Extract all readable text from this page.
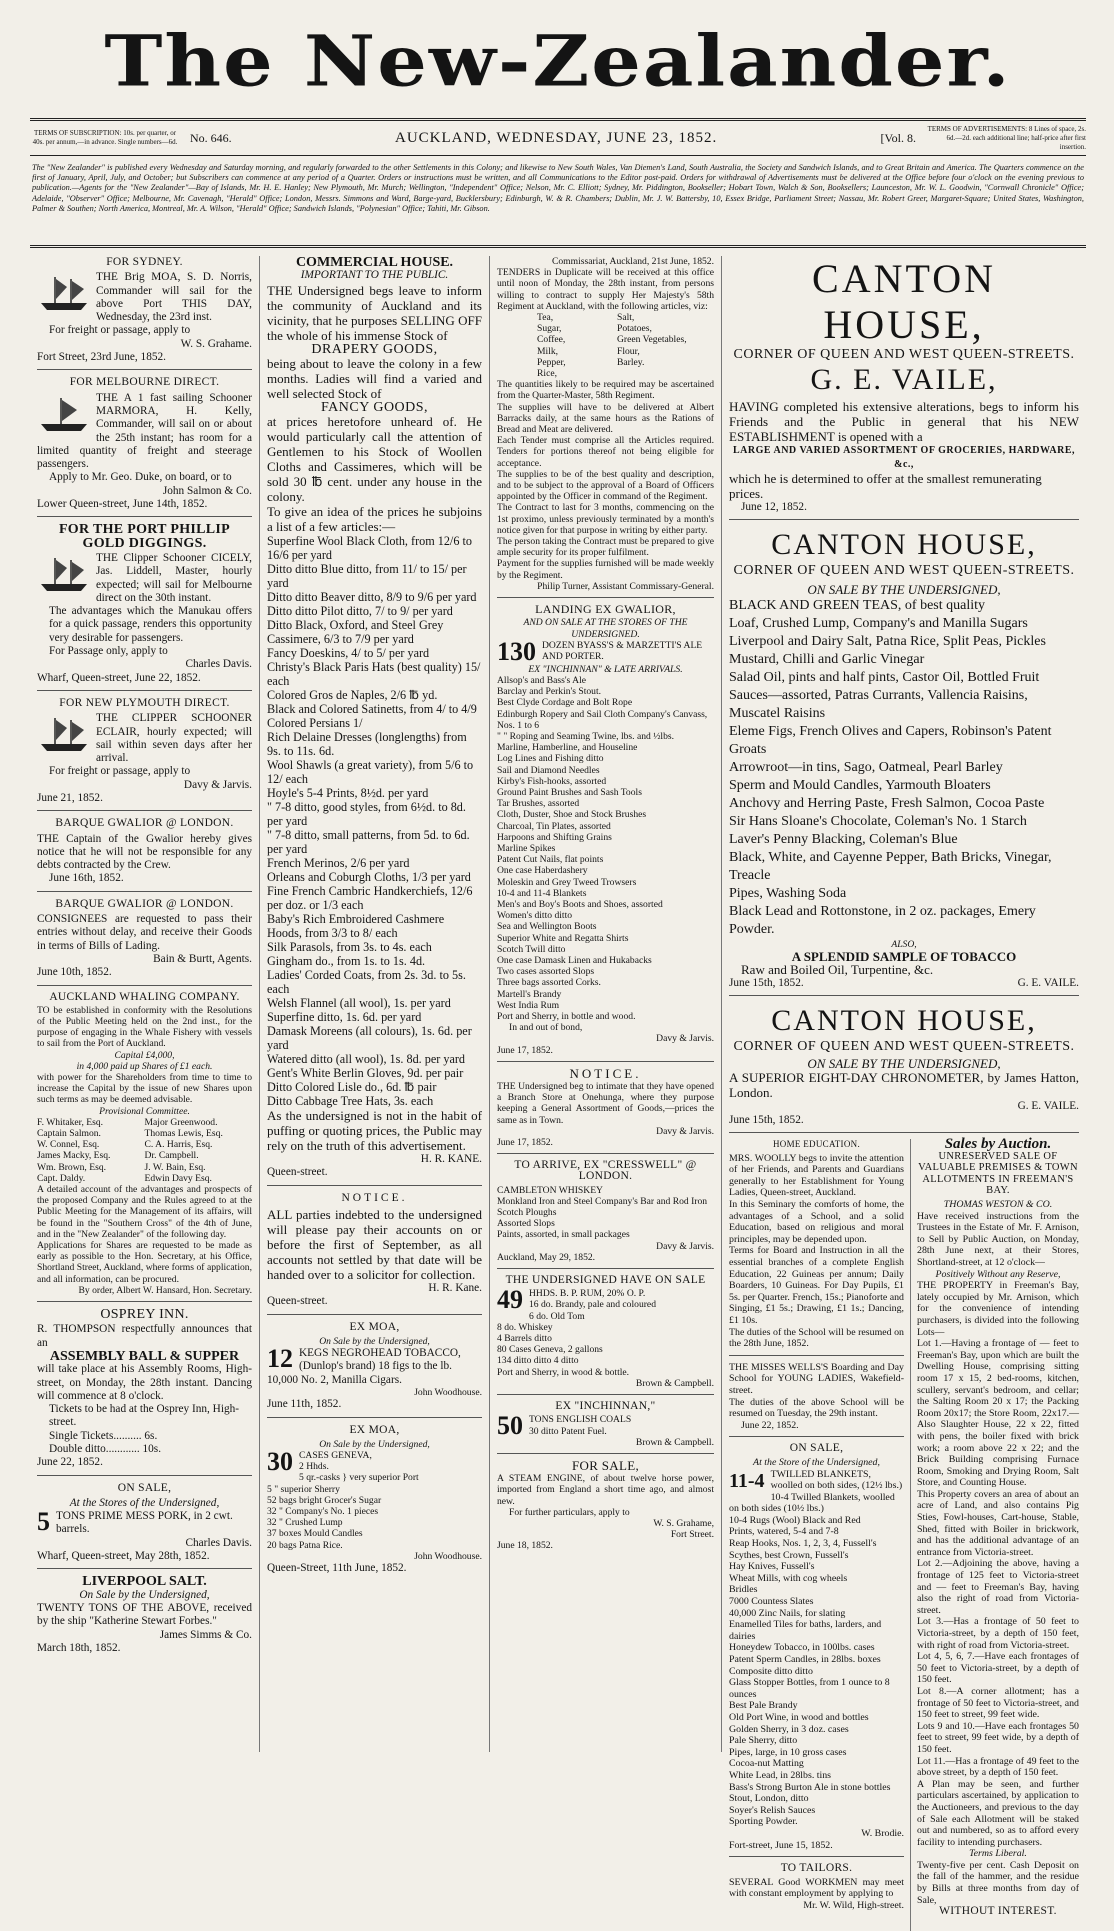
The New-Zealander.
TERMS OF SUBSCRIPTION: 10s. per quarter, or 40s. per annum,—in advance. Single numbers—6d. No. 646.	AUCKLAND, WEDNESDAY, JUNE 23, 1852.	[Vol. 8.
TERMS OF ADVERTISEMENTS: 8 Lines of space, 2s. 6d.—2d. each additional line; half-price after first insertion.
The "New Zealander" is published every Wednesday and Saturday morning, and regularly forwarded to the other Settlements in this Colony; and likewise to New South Wales, Van Diemen's Land, South Australia, the Society and Sandwich Islands, and to Great Britain and America. The Quarters commence on the first of January, April, July, and October; but Subscribers can commence at any period of a Quarter. Orders or instructions must be written, and all Communications to the Editor post-paid. Orders for withdrawal of Advertisements must be delivered at the Office before four o'clock on the evening previous to publication.—Agents for the "New Zealander"—Bay of Islands, Mr. H. E. Hanley; New Plymouth, Mr. Murch; Wellington, "Independent" Office; Nelson, Mr. C. Elliott; Sydney, Mr. Piddington, Bookseller; Hobart Town, Walch & Son, Booksellers; Launceston, Mr. W. L. Goodwin, "Cornwall Chronicle" Office; Adelaide, "Observer" Office; Melbourne, Mr. Cavenagh, "Herald" Office; London, Messrs. Simmons and Ward, Barge-yard, Bucklersbury; Edinburgh, W. & R. Chambers; Dublin, Mr. J. W. Battersby, 10, Essex Bridge, Parliament Street; Nassau, Mr. Robert Greer, Margaret-Square; United States, Washington, Palmer & Southen; North America, Montreal, Mr. A. Wilson, "Herald" Office; Sandwich Islands, "Polynesian" Office; Tahiti, Mr. Gibson.
FOR SYDNEY.
THE Brig MOA, S. D. Norris, Commander will sail for the above Port THIS DAY, Wednesday, the 23rd inst.
For freight or passage, apply to
W. S. Grahame.
Fort Street, 23rd June, 1852.
FOR MELBOURNE DIRECT.
THE A 1 fast sailing Schooner MARMORA, H. Kelly, Commander, will sail on or about the 25th instant; has room for a limited quantity of freight and steerage passengers.
Apply to Mr. Geo. Duke, on board, or to
John Salmon & Co.
Lower Queen-street, June 14th, 1852.
FOR THE PORT PHILLIP GOLD DIGGINGS.
THE Clipper Schooner CICELY, Jas. Liddell, Master, hourly expected; will sail for Melbourne direct on the 30th instant.
The advantages which the Manukau offers for a quick passage, renders this opportunity very desirable for passengers.
For Passage only, apply to
Charles Davis.
Wharf, Queen-street, June 22, 1852.
FOR NEW PLYMOUTH DIRECT.
THE CLIPPER SCHOONER ECLAIR, hourly expected; will sail within seven days after her arrival.
For freight or passage, apply to
Davy & Jarvis.
June 21, 1852.
BARQUE GWALIOR @ LONDON.
THE Captain of the Gwalior hereby gives notice that he will not be responsible for any debts contracted by the Crew.
June 16th, 1852.
BARQUE GWALIOR @ LONDON.
CONSIGNEES are requested to pass their entries without delay, and receive their Goods in terms of Bills of Lading.
Bain & Burtt, Agents.
June 10th, 1852.
AUCKLAND WHALING COMPANY.
TO be established in conformity with the Resolutions of the Public Meeting held on the 2nd inst., for the purpose of engaging in the Whale Fishery with vessels to sail from the Port of Auckland.
Capital £4,000,
in 4,000 paid up Shares of £1 each.
with power for the Shareholders from time to time to increase the Capital by the issue of new Shares upon such terms as may be deemed advisable.
Provisional Committee.
F. Whitaker, Esq.	Major Greenwood.
Captain Salmon.	Thomas Lewis, Esq.
W. Connel, Esq.	C. A. Harris, Esq.
James Macky, Esq.	Dr. Campbell.
Wm. Brown, Esq.	J. W. Bain, Esq.
Capt. Daldy.	Edwin Davy Esq.
A detailed account of the advantages and prospects of the proposed Company and the Rules agreed to at the Public Meeting for the Management of its affairs, will be found in the "Southern Cross" of the 4th of June, and in the "New Zealander" of the following day.
Applications for Shares are requested to be made as early as possible to the Hon. Secretary, at his Office, Shortland Street, Auckland, where forms of application, and all information, can be procured.
By order, Albert W. Hansard, Hon. Secretary.
OSPREY INN.
R. THOMPSON respectfully announces that an
ASSEMBLY BALL & SUPPER
will take place at his Assembly Rooms, High-street, on Monday, the 28th instant. Dancing will commence at 8 o'clock.
Tickets to be had at the Osprey Inn, High-street.
Single Tickets.......... 6s.
Double ditto............ 10s.
June 22, 1852.
ON SALE,
At the Stores of the Undersigned,
5 TONS PRIME MESS PORK, in 2 cwt. barrels.
Charles Davis.
Wharf, Queen-street, May 28th, 1852.
LIVERPOOL SALT.
On Sale by the Undersigned,
TWENTY TONS OF THE ABOVE, received by the ship "Katherine Stewart Forbes."
James Simms & Co.
March 18th, 1852.
COMMERCIAL HOUSE.
IMPORTANT TO THE PUBLIC.
THE Undersigned begs leave to inform the community of Auckland and its vicinity, that he purposes SELLING OFF the whole of his immense Stock of
DRAPERY GOODS,
being about to leave the colony in a few months. Ladies will find a varied and well selected Stock of
FANCY GOODS,
at prices heretofore unheard of. He would particularly call the attention of Gentlemen to his Stock of Woollen Cloths and Cassimeres, which will be sold 30 ℔ cent. under any house in the colony.
To give an idea of the prices he subjoins a list of a few articles:—
Superfine Wool Black Cloth, from 12/6 to 16/6 per yard
Ditto ditto Blue ditto, from 11/ to 15/ per yard
Ditto ditto Beaver ditto, 8/9 to 9/6 per yard
Ditto ditto Pilot ditto, 7/ to 9/ per yard
Ditto Black, Oxford, and Steel Grey Cassimere, 6/3 to 7/9 per yard
Fancy Doeskins, 4/ to 5/ per yard
Christy's Black Paris Hats (best quality) 15/ each
Colored Gros de Naples, 2/6 ℔ yd.
Black and Colored Satinetts, from 4/ to 4/9
Colored Persians 1/
Rich Delaine Dresses (longlengths) from 9s. to 11s. 6d.
Wool Shawls (a great variety), from 5/6 to 12/ each
Hoyle's 5-4 Prints, 8½d. per yard
" 7-8 ditto, good styles, from 6½d. to 8d. per yard
" 7-8 ditto, small patterns, from 5d. to 6d. per yard
French Merinos, 2/6 per yard
Orleans and Coburgh Cloths, 1/3 per yard
Fine French Cambric Handkerchiefs, 12/6 per doz. or 1/3 each
Baby's Rich Embroidered Cashmere Hoods, from 3/3 to 8/ each
Silk Parasols, from 3s. to 4s. each
Gingham do., from 1s. to 1s. 4d.
Ladies' Corded Coats, from 2s. 3d. to 5s. each
Welsh Flannel (all wool), 1s. per yard
Superfine ditto, 1s. 6d. per yard
Damask Moreens (all colours), 1s. 6d. per yard
Watered ditto (all wool), 1s. 8d. per yard
Gent's White Berlin Gloves, 9d. per pair
Ditto Colored Lisle do., 6d. ℔ pair
Ditto Cabbage Tree Hats, 3s. each
As the undersigned is not in the habit of puffing or quoting prices, the Public may rely on the truth of this advertisement.
H. R. KANE.
Queen-street.
NOTICE.
ALL parties indebted to the undersigned will please pay their accounts on or before the first of September, as all accounts not settled by that date will be handed over to a solicitor for collection.
H. R. Kane.
Queen-street.
EX MOA,
On Sale by the Undersigned,
12 KEGS NEGROHEAD TOBACCO, (Dunlop's brand) 18 figs to the lb. 10,000 No. 2, Manilla Cigars.
John Woodhouse.
June 11th, 1852.
EX MOA,
On Sale by the Undersigned,
30 CASES GENEVA,
2 Hhds.
5 qr.-casks } very superior Port
5 " superior Sherry
52 bags bright Grocer's Sugar
32 " Company's No. 1 pieces
32 " Crushed Lump
37 boxes Mould Candles
20 bags Patna Rice.
John Woodhouse.
Queen-Street, 11th June, 1852.
Commissariat, Auckland, 21st June, 1852.
TENDERS in Duplicate will be received at this office until noon of Monday, the 28th instant, from persons willing to contract to supply Her Majesty's 58th Regiment at Auckland, with the following articles, viz:
Tea,	Salt,
Sugar,	Potatoes,
Coffee,	Green Vegetables,
Milk,	Flour,
Pepper,	Barley.
Rice,
The quantities likely to be required may be ascertained from the Quarter-Master, 58th Regiment.
The supplies will have to be delivered at Albert Barracks daily, at the same hours as the Rations of Bread and Meat are delivered.
Each Tender must comprise all the Articles required. Tenders for portions thereof not being eligible for acceptance.
The supplies to be of the best quality and description, and to be subject to the approval of a Board of Officers appointed by the Officer in command of the Regiment.
The Contract to last for 3 months, commencing on the 1st proximo, unless previously terminated by a month's notice given for that purpose in writing by either party.
The person taking the Contract must be prepared to give ample security for its proper fulfilment.
Payment for the supplies furnished will be made weekly by the Regiment.
Philip Turner, Assistant Commissary-General.
LANDING EX GWALIOR,
AND ON SALE AT THE STORES OF THE UNDERSIGNED.
130 DOZEN BYASS'S & MARZETTI'S ALE AND PORTER.
EX "INCHINNAN" & LATE ARRIVALS.
Allsop's and Bass's Ale
Barclay and Perkin's Stout.
Best Clyde Cordage and Bolt Rope
Edinburgh Ropery and Sail Cloth Company's Canvass, Nos. 1 to 6
" " Roping and Seaming Twine, lbs. and ½lbs.
Marline, Hamberline, and Houseline
Log Lines and Fishing ditto
Sail and Diamond Needles
Kirby's Fish-hooks, assorted
Ground Paint Brushes and Sash Tools
Tar Brushes, assorted
Cloth, Duster, Shoe and Stock Brushes
Charcoal, Tin Plates, assorted
Harpoons and Shifting Grains
Marline Spikes
Patent Cut Nails, flat points
One case Haberdashery
Moleskin and Grey Tweed Trowsers
10-4 and 11-4 Blankets
Men's and Boy's Boots and Shoes, assorted
Women's ditto ditto
Sea and Wellington Boots
Superior White and Regatta Shirts
Scotch Twill ditto
One case Damask Linen and Hukabacks
Two cases assorted Slops
Three bags assorted Corks.
Martell's Brandy
West India Rum
Port and Sherry, in bottle and wood.
In and out of bond,
Davy & Jarvis.
June 17, 1852.
NOTICE.
THE Undersigned beg to intimate that they have opened a Branch Store at Onehunga, where they purpose keeping a General Assortment of Goods,—prices the same as in Town.
Davy & Jarvis.
June 17, 1852.
TO ARRIVE, EX "CRESSWELL" @ LONDON.
CAMBLETON WHISKEY
Monkland Iron and Steel Company's Bar and Rod Iron
Scotch Ploughs
Assorted Slops
Paints, assorted, in small packages
Davy & Jarvis.
Auckland, May 29, 1852.
THE UNDERSIGNED HAVE ON SALE
49 HHDS. B. P. RUM, 20% O. P.
16 do. Brandy, pale and coloured
6 do. Old Tom
8 do. Whiskey
4 Barrels ditto
80 Cases Geneva, 2 gallons
134 ditto ditto 4 ditto
Port and Sherry, in wood & bottle.
Brown & Campbell.
EX "INCHINNAN,"
50 TONS ENGLISH COALS
30 ditto Patent Fuel.
Brown & Campbell.
FOR SALE,
A STEAM ENGINE, of about twelve horse power, imported from England a short time ago, and almost new.
For further particulars, apply to
W. S. Grahame,
Fort Street.
June 18, 1852.
CANTON HOUSE,
CORNER OF QUEEN AND WEST QUEEN-STREETS.
G. E. VAILE,
HAVING completed his extensive alterations, begs to inform his Friends and the Public in general that his NEW ESTABLISHMENT is opened with a
LARGE AND VARIED ASSORTMENT OF GROCERIES, HARDWARE, &c.,
which he is determined to offer at the smallest remunerating prices.
June 12, 1852.
CANTON HOUSE,
CORNER OF QUEEN AND WEST QUEEN-STREETS.
ON SALE BY THE UNDERSIGNED,
BLACK AND GREEN TEAS, of best quality
Loaf, Crushed Lump, Company's and Manilla Sugars
Liverpool and Dairy Salt, Patna Rice, Split Peas, Pickles
Mustard, Chilli and Garlic Vinegar
Salad Oil, pints and half pints, Castor Oil, Bottled Fruit
Sauces—assorted, Patras Currants, Vallencia Raisins, Muscatel Raisins
Eleme Figs, French Olives and Capers, Robinson's Patent Groats
Arrowroot—in tins, Sago, Oatmeal, Pearl Barley
Sperm and Mould Candles, Yarmouth Bloaters
Anchovy and Herring Paste, Fresh Salmon, Cocoa Paste
Sir Hans Sloane's Chocolate, Coleman's No. 1 Starch
Laver's Penny Blacking, Coleman's Blue
Black, White, and Cayenne Pepper, Bath Bricks, Vinegar, Treacle
Pipes, Washing Soda
Black Lead and Rottonstone, in 2 oz. packages, Emery Powder.
ALSO,
A SPLENDID SAMPLE OF TOBACCO
Raw and Boiled Oil, Turpentine, &c.
June 15th, 1852.	G. E. VAILE.
CANTON HOUSE,
CORNER OF QUEEN AND WEST QUEEN-STREETS.
ON SALE BY THE UNDERSIGNED,
A SUPERIOR EIGHT-DAY CHRONOMETER, by James Hatton, London.
G. E. VAILE.
June 15th, 1852.
HOME EDUCATION.
MRS. WOOLLY begs to invite the attention of her Friends, and Parents and Guardians generally to her Establishment for Young Ladies, Queen-street, Auckland.
In this Seminary the comforts of home, the advantages of a School, and a solid Education, based on religious and moral principles, may be depended upon.
Terms for Board and Instruction in all the essential branches of a complete English Education, 22 Guineas per annum; Daily Boarders, 10 Guineas. For Day Pupils, £1 5s. per Quarter. French, 15s.; Pianoforte and Singing, £1 5s.; Drawing, £1 1s.; Dancing, £1 10s.
The duties of the School will be resumed on the 28th June, 1852.
THE MISSES WELLS'S Boarding and Day School for YOUNG LADIES, Wakefield-street.
The duties of the above School will be resumed on Tuesday, the 29th instant.
June 22, 1852.
ON SALE,
At the Store of the Undersigned,
11-4 TWILLED BLANKETS, woolled on both sides, (12½ lbs.)
10-4 Twilled Blankets, woolled on both sides (10½ lbs.)
10-4 Rugs (Wool) Black and Red
Prints, watered, 5-4 and 7-8
Reap Hooks, Nos. 1, 2, 3, 4, Fussell's
Scythes, best Crown, Fussell's
Hay Knives, Fussell's
Wheat Mills, with cog wheels
Bridles
7000 Countess Slates
40,000 Zinc Nails, for slating
Enamelled Tiles for baths, larders, and dairies
Honeydew Tobacco, in 100lbs. cases
Patent Sperm Candles, in 28lbs. boxes
Composite ditto ditto
Glass Stopper Bottles, from 1 ounce to 8 ounces
Best Pale Brandy
Old Port Wine, in wood and bottles
Golden Sherry, in 3 doz. cases
Pale Sherry, ditto
Pipes, large, in 10 gross cases
Cocoa-nut Matting
White Lead, in 28lbs. tins
Bass's Strong Burton Ale in stone bottles
Stout, London, ditto
Soyer's Relish Sauces
Sporting Powder.
W. Brodie.
Fort-street, June 15, 1852.
TO TAILORS.
SEVERAL Good WORKMEN may meet with constant employment by applying to
Mr. W. Wild, High-street.
Sales by Auction.
UNRESERVED SALE OF VALUABLE PREMISES & TOWN ALLOTMENTS IN FREEMAN'S BAY.
THOMAS WESTON & CO.
Have received instructions from the Trustees in the Estate of Mr. F. Arnison, to Sell by Public Auction, on Monday, 28th June next, at their Stores, Shortland-street, at 12 o'clock—
Positively Without any Reserve,
THE PROPERTY in Freeman's Bay, lately occupied by Mr. Arnison, which for the convenience of intending purchasers, is divided into the following Lots—
Lot 1.—Having a frontage of — feet to Freeman's Bay, upon which are built the Dwelling House, comprising sitting room 17 x 15, 2 bed-rooms, kitchen, scullery, servant's bedroom, and cellar; the Salting Room 20 x 17; the Packing Room 20x17; the Store Room, 22x17.—Also Slaughter House, 22 x 22, fitted with pens, the boiler fixed with brick work; a room above 22 x 22; and the Brick Building comprising Furnace Room, Smoking and Drying Room, Salt Store, and Counting House.
This Property covers an area of about an acre of Land, and also contains Pig Sties, Fowl-houses, Cart-house, Stable, Shed, fitted with Boiler in brickwork, and has the additional advantage of an entrance from Victoria-street.
Lot 2.—Adjoining the above, having a frontage of 125 feet to Victoria-street and — feet to Freeman's Bay, having also the right of road from Victoria-street.
Lot 3.—Has a frontage of 50 feet to Victoria-street, by a depth of 150 feet, with right of road from Victoria-street.
Lot 4, 5, 6, 7.—Have each frontages of 50 feet to Victoria-street, by a depth of 150 feet.
Lot 8.—A corner allotment; has a frontage of 50 feet to Victoria-street, and 150 feet to street, 99 feet wide.
Lots 9 and 10.—Have each frontages 50 feet to street, 99 feet wide, by a depth of 150 feet.
Lot 11.—Has a frontage of 49 feet to the above street, by a depth of 150 feet.
A Plan may be seen, and further particulars ascertained, by application to the Auctioneers, and previous to the day of Sale each Allotment will be staked out and numbered, so as to afford every facility to intending purchasers.
Terms Liberal.
Twenty-five per cent. Cash Deposit on the fall of the hammer, and the residue by Bills at three months from day of Sale,
WITHOUT INTEREST.
